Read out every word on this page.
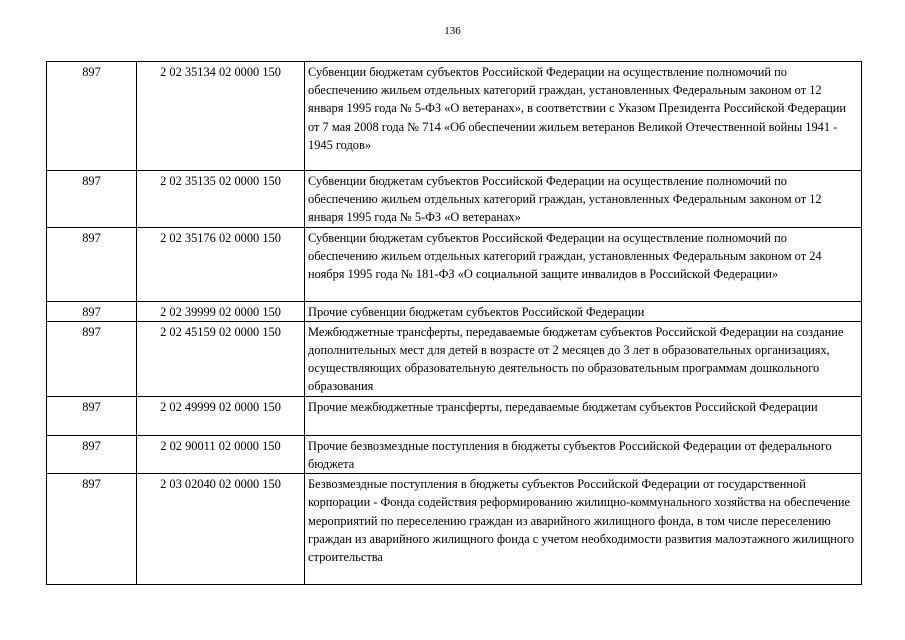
136
897	2 02 35134 02 0000 150	Субвенции бюджетам субъектов Российской Федерации на осуществление полномочий по обеспечению жильем отдельных категорий граждан, установленных Федеральным законом от 12 января 1995 года № 5-ФЗ «О ветеранах», в соответствии с Указом Президента Российской Федерации от 7 мая 2008 года № 714 «Об обеспечении жильем ветеранов Великой Отечественной войны 1941 - 1945 годов»
897	2 02 35135 02 0000 150	Субвенции бюджетам субъектов Российской Федерации на осуществление полномочий по обеспечению жильем отдельных категорий граждан, установленных Федеральным законом от 12 января 1995 года № 5-ФЗ «О ветеранах»
897	2 02 35176 02 0000 150	Субвенции бюджетам субъектов Российской Федерации на осуществление полномочий по обеспечению жильем отдельных категорий граждан, установленных Федеральным законом от 24 ноября 1995 года № 181-ФЗ «О социальной защите инвалидов в Российской Федерации»
897	2 02 39999 02 0000 150	Прочие субвенции бюджетам субъектов Российской Федерации
897	2 02 45159 02 0000 150	Межбюджетные трансферты, передаваемые бюджетам субъектов Российской Федерации на создание дополнительных мест для детей в возрасте от 2 месяцев до 3 лет в образовательных организациях, осуществляющих образовательную деятельность по образовательным программам дошкольного образования
897	2 02 49999 02 0000 150	Прочие межбюджетные трансферты, передаваемые бюджетам субъектов Российской Федерации
897	2 02 90011 02 0000 150	Прочие безвозмездные поступления в бюджеты субъектов Российской Федерации от федерального бюджета
897	2 03 02040 02 0000 150	Безвозмездные поступления в бюджеты субъектов Российской Федерации от государственной корпорации - Фонда содействия реформированию жилищно-коммунального хозяйства на обеспечение мероприятий по переселению граждан из аварийного жилищного фонда, в том числе переселению граждан из аварийного жилищного фонда с учетом необходимости развития малоэтажного жилищного строительства
